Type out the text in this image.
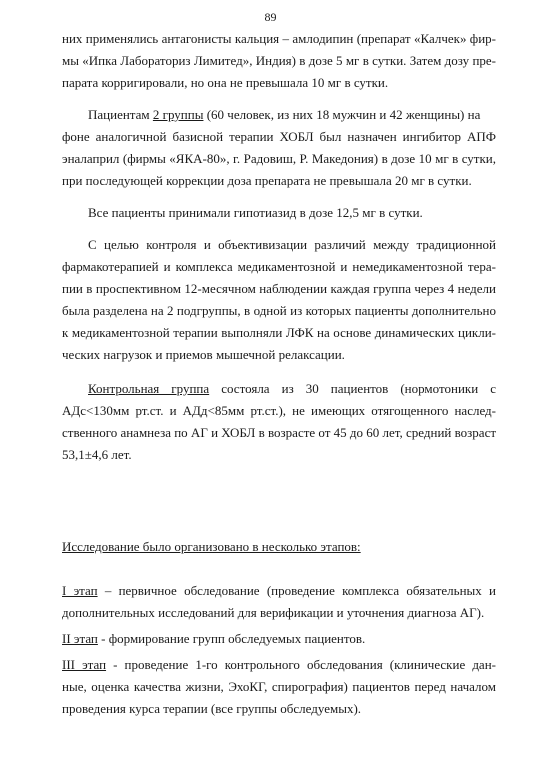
89
них применялись антагонисты кальция – амлодипин (препарат «Калчек» фир-
мы «Ипка Лабораториз Лимитед», Индия) в дозе 5 мг в сутки. Затем дозу пре-
парата корригировали, но она не превышала 10 мг в сутки.
Пациентам 2 группы (60 человек, из них 18 мужчин и 42 женщины) на
фоне аналогичной базисной терапии ХОБЛ был назначен ингибитор АПФ
эналаприл (фирмы «ЯКА-80», г. Радовиш, Р. Македония) в дозе 10 мг в сутки,
при последующей коррекции доза препарата не превышала 20 мг в сутки.
Все пациенты принимали гипотиазид в дозе 12,5 мг в сутки.
С целью контроля и объективизации различий между традиционной
фармакотерапией и комплекса медикаментозной и немедикаментозной тера-
пии в проспективном 12-месячном наблюдении каждая группа через 4 недели
была разделена на 2 подгруппы, в одной из которых пациенты дополнительно
к медикаментозной терапии выполняли ЛФК на основе динамических цикли-
ческих нагрузок и приемов мышечной релаксации.
Контрольная группа состояла из 30 пациентов (нормотоники с
АДс<130мм рт.ст. и АДд<85мм рт.ст.), не имеющих отягощенного наслед-
ственного анамнеза по АГ и ХОБЛ в возрасте от 45 до 60 лет, средний возраст
53,1±4,6 лет.
Исследование было организовано в несколько этапов:
I этап – первичное обследование (проведение комплекса обязательных и
дополнительных исследований для верификации и уточнения диагноза АГ).
II этап - формирование групп обследуемых пациентов.
III этап - проведение 1-го контрольного обследования (клинические дан-
ные, оценка качества жизни, ЭхоКГ, спирография) пациентов перед началом
проведения курса терапии (все группы обследуемых).
